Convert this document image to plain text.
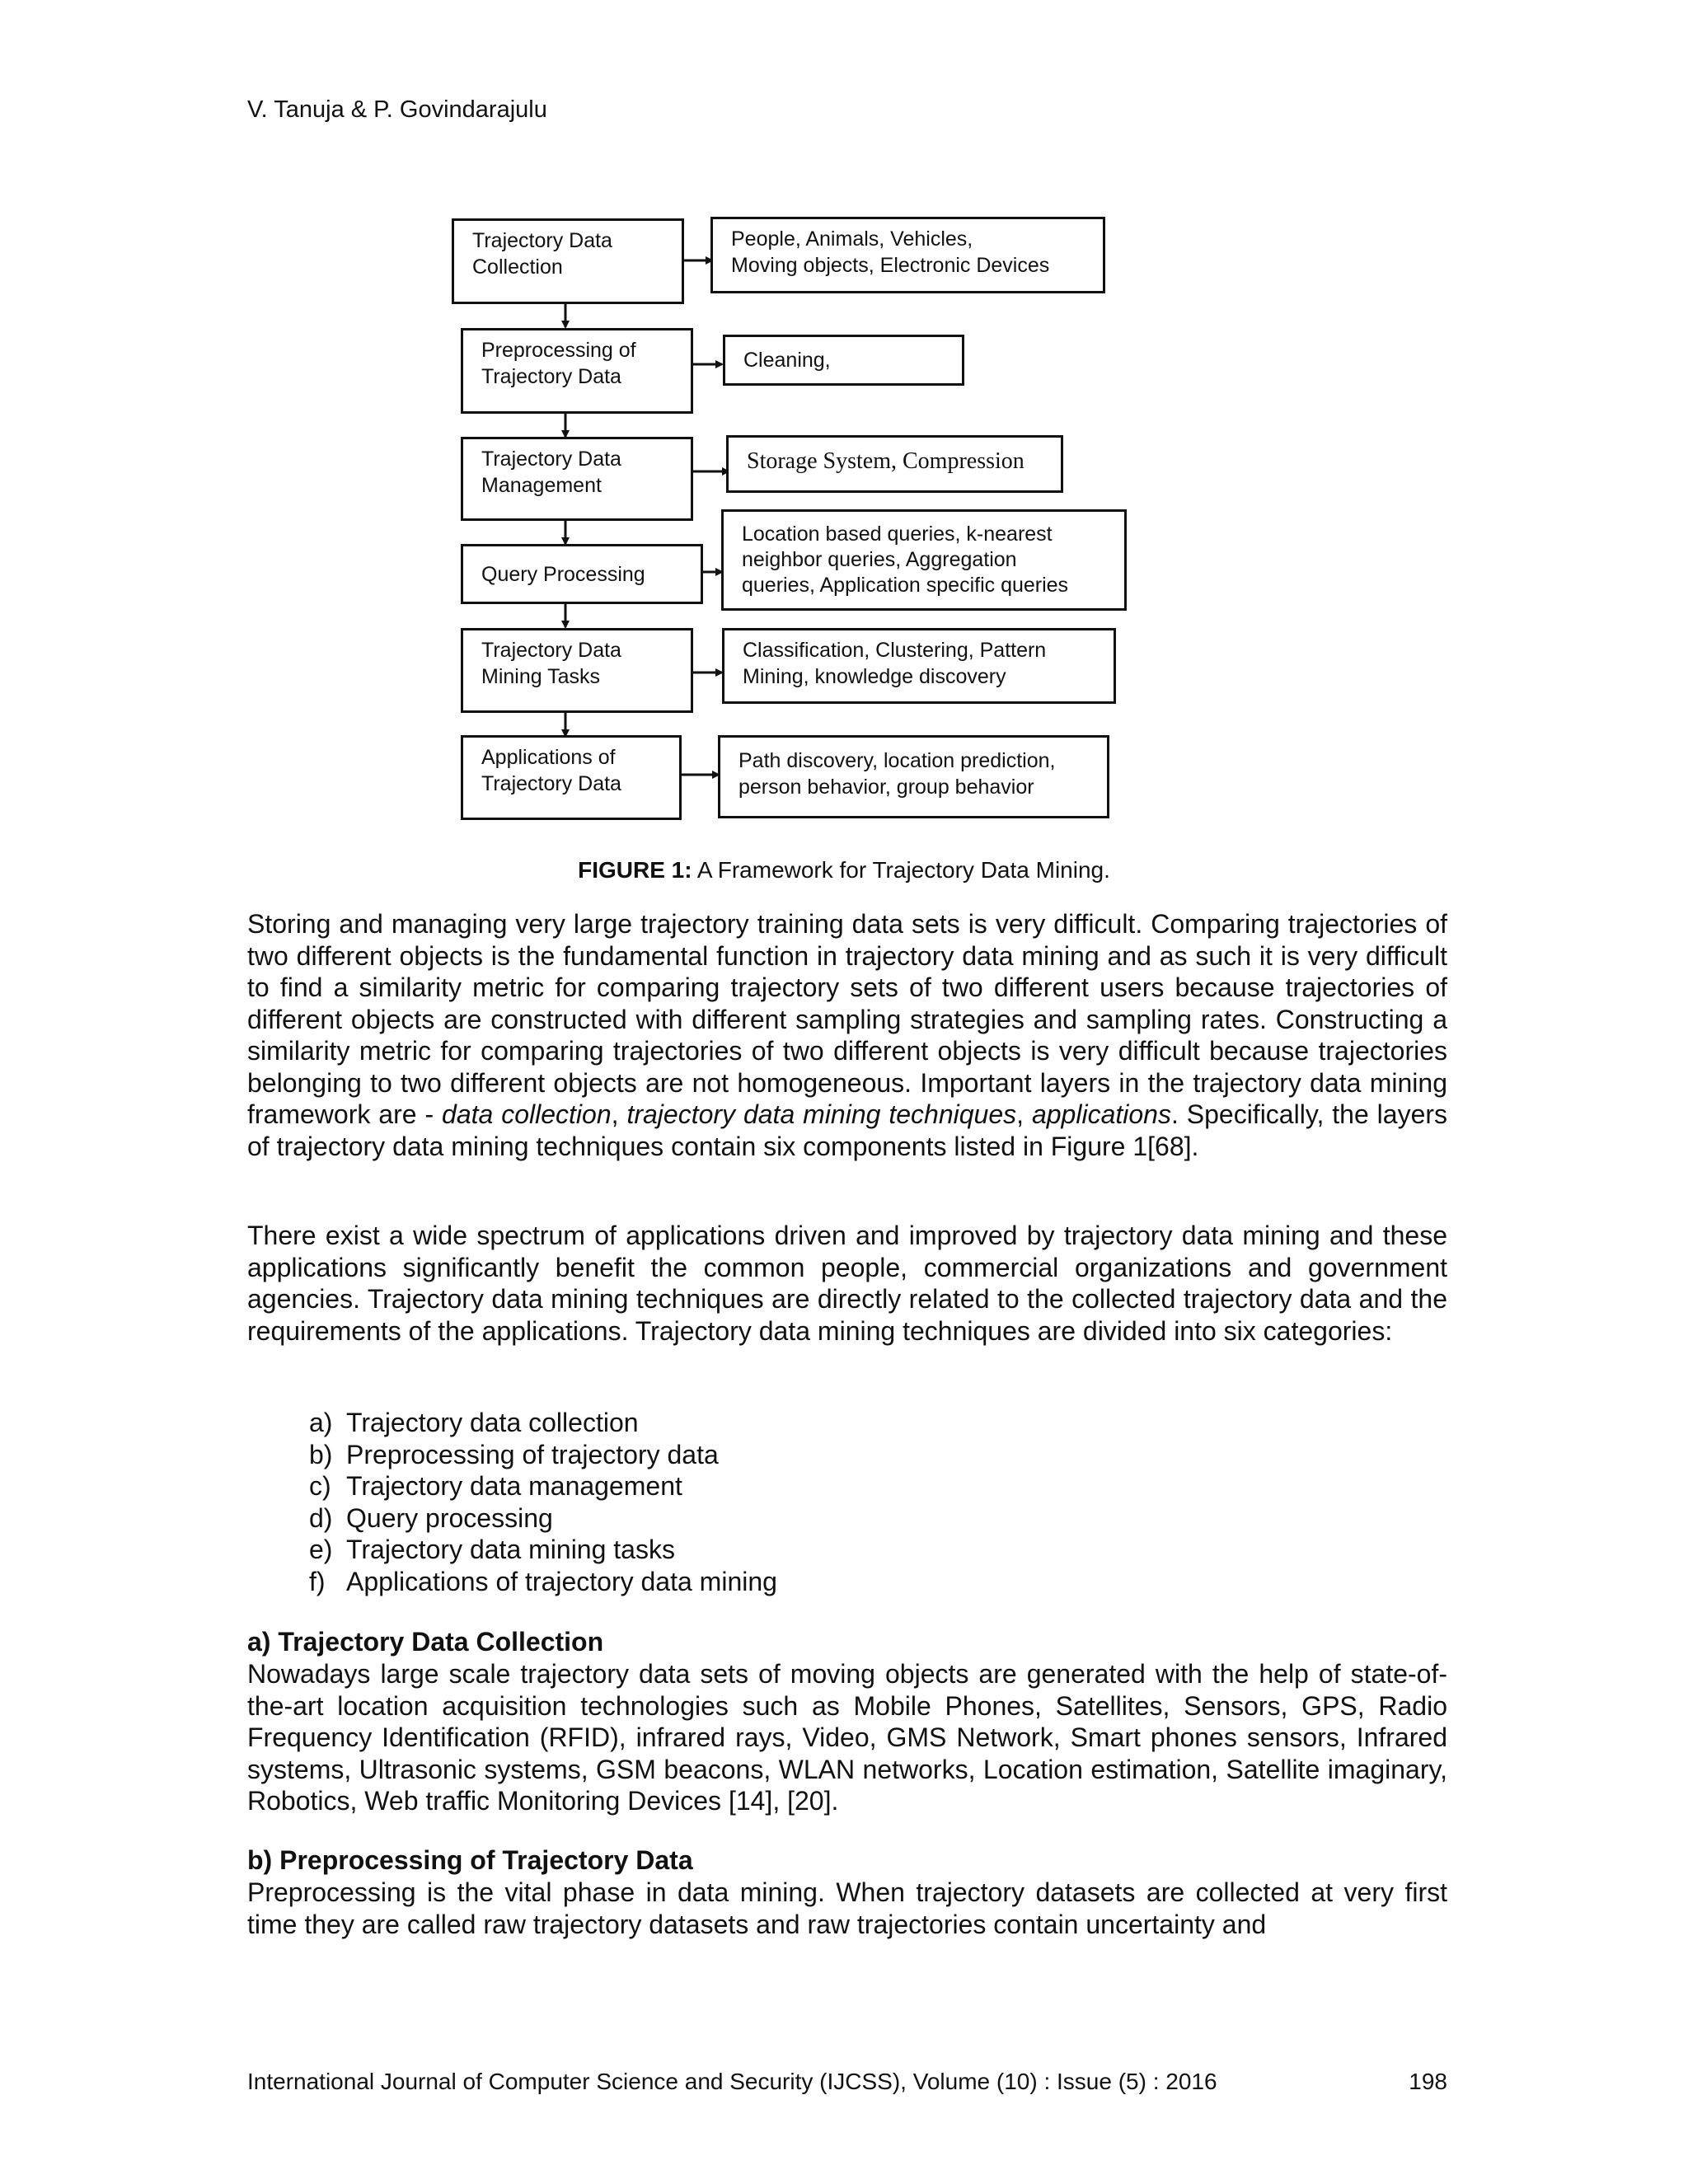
V. Tanuja & P. Govindarajulu
Trajectory Data
Collection
Preprocessing of
Trajectory Data
Trajectory Data
Management
Query Processing
Trajectory Data
Mining Tasks
Applications of
Trajectory Data
People, Animals, Vehicles,
Moving objects, Electronic Devices
Cleaning,
Storage System, Compression
Location based queries, k-nearest
neighbor queries, Aggregation
queries, Application specific queries
Classification, Clustering, Pattern
Mining, knowledge discovery
Path discovery, location prediction,
person behavior, group behavior
FIGURE 1: A Framework for Trajectory Data Mining.
Storing and managing very large trajectory training data sets is very difficult. Comparing trajectories of two different objects is the fundamental function in trajectory data mining and as such it is very difficult to find a similarity metric for comparing trajectory sets of two different users because trajectories of different objects are constructed with different sampling strategies and sampling rates. Constructing a similarity metric for comparing trajectories of two different objects is very difficult because trajectories belonging to two different objects are not homogeneous. Important layers in the trajectory data mining framework are - data collection, trajectory data mining techniques, applications. Specifically, the layers of trajectory data mining techniques contain six components listed in Figure 1[68].
There exist a wide spectrum of applications driven and improved by trajectory data mining and these applications significantly benefit the common people, commercial organizations and government agencies. Trajectory data mining techniques are directly related to the collected trajectory data and the requirements of the applications. Trajectory data mining techniques are divided into six categories:
a) Trajectory data collection
b) Preprocessing of trajectory data
c) Trajectory data management
d) Query processing
e) Trajectory data mining tasks
f) Applications of trajectory data mining
a) Trajectory Data Collection
Nowadays large scale trajectory data sets of moving objects are generated with the help of state-of-the-art location acquisition technologies such as Mobile Phones, Satellites, Sensors, GPS, Radio Frequency Identification (RFID), infrared rays, Video, GMS Network, Smart phones sensors, Infrared systems, Ultrasonic systems, GSM beacons, WLAN networks, Location estimation, Satellite imaginary, Robotics, Web traffic Monitoring Devices [14], [20].
b) Preprocessing of Trajectory Data
Preprocessing is the vital phase in data mining. When trajectory datasets are collected at very first time they are called raw trajectory datasets and raw trajectories contain uncertainty and
International Journal of Computer Science and Security (IJCSS), Volume (10) : Issue (5) : 2016	198
